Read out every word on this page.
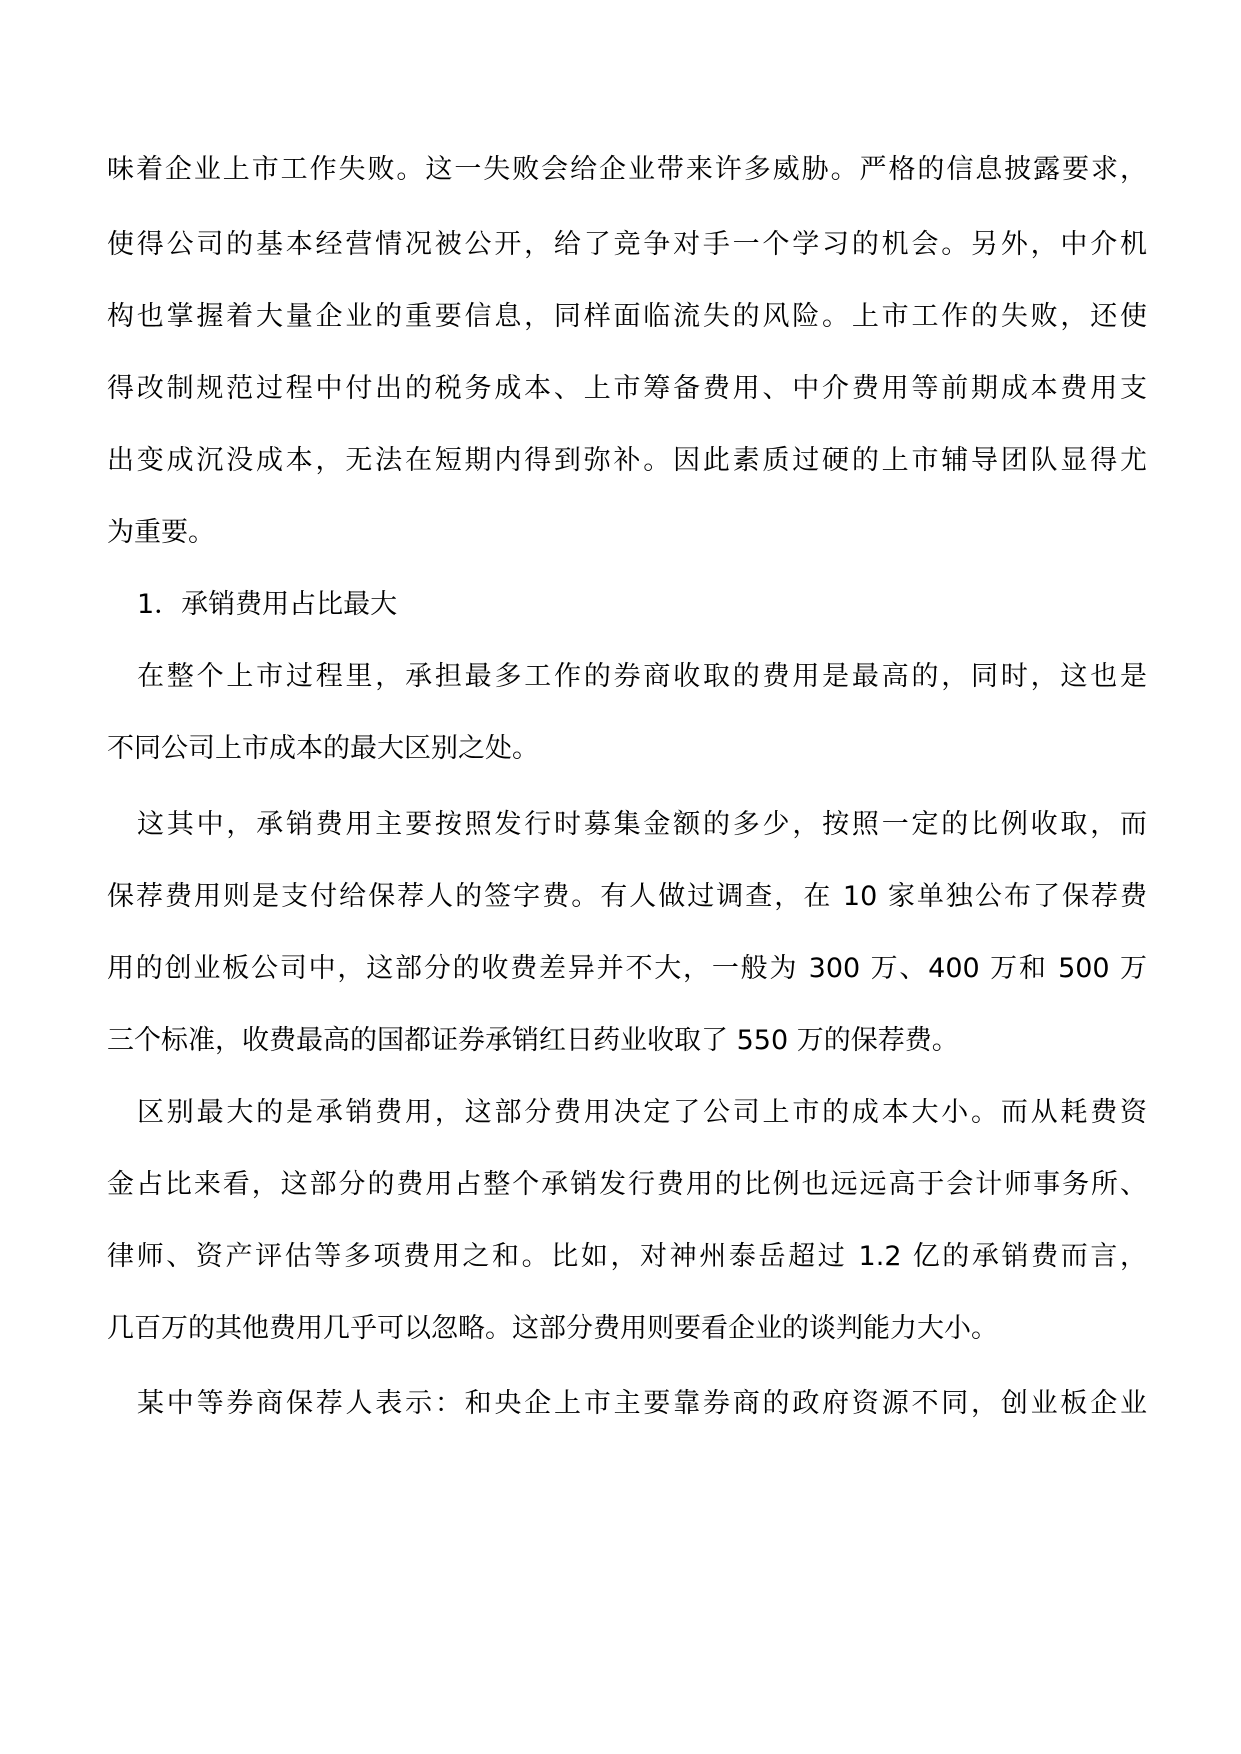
味着企业上市工作失败。这一失败会给企业带来许多威胁。严格的信息披露要求，
使得公司的基本经营情况被公开，给了竞争对手一个学习的机会。另外，中介机
构也掌握着大量企业的重要信息，同样面临流失的风险。上市工作的失败，还使
得改制规范过程中付出的税务成本、上市筹备费用、中介费用等前期成本费用支
出变成沉没成本，无法在短期内得到弥补。因此素质过硬的上市辅导团队显得尤
为重要。
1．承销费用占比最大
在整个上市过程里，承担最多工作的券商收取的费用是最高的，同时，这也是
不同公司上市成本的最大区别之处。
这其中，承销费用主要按照发行时募集金额的多少，按照一定的比例收取，而
保荐费用则是支付给保荐人的签字费。有人做过调查，在 10 家单独公布了保荐费
用的创业板公司中，这部分的收费差异并不大，一般为 300 万、400 万和 500 万
三个标准，收费最高的国都证券承销红日药业收取了 550 万的保荐费。
区别最大的是承销费用，这部分费用决定了公司上市的成本大小。而从耗费资
金占比来看，这部分的费用占整个承销发行费用的比例也远远高于会计师事务所、
律师、资产评估等多项费用之和。比如，对神州泰岳超过 1.2 亿的承销费而言，
几百万的其他费用几乎可以忽略。这部分费用则要看企业的谈判能力大小。
某中等券商保荐人表示：和央企上市主要靠券商的政府资源不同，创业板企业
